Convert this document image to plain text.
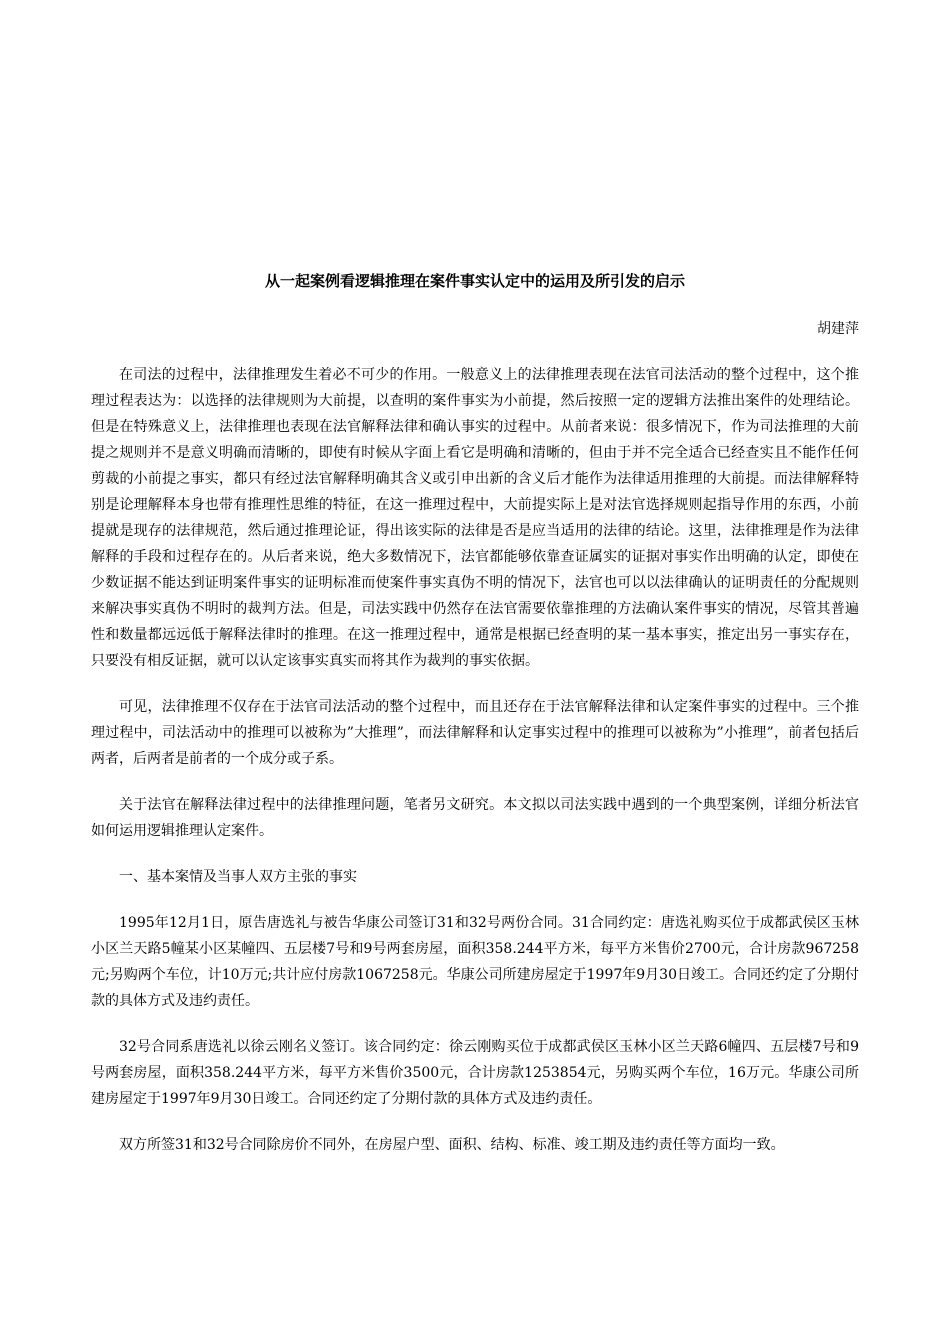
从一起案例看逻辑推理在案件事实认定中的运用及所引发的启示
胡建萍

在司法的过程中，法律推理发生着必不可少的作用。一般意义上的法律推理表现在法官司法活动的整个过程中，这个推理过程表达为：以选择的法律规则为大前提，以查明的案件事实为小前提，然后按照一定的逻辑方法推出案件的处理结论。但是在特殊意义上，法律推理也表现在法官解释法律和确认事实的过程中。从前者来说：很多情况下，作为司法推理的大前提之规则并不是意义明确而清晰的，即使有时候从字面上看它是明确和清晰的，但由于并不完全适合已经查实且不能作任何剪裁的小前提之事实，都只有经过法官解释明确其含义或引申出新的含义后才能作为法律适用推理的大前提。而法律解释特别是论理解释本身也带有推理性思维的特征，在这一推理过程中，大前提实际上是对法官选择规则起指导作用的东西，小前提就是现存的法律规范，然后通过推理论证，得出该实际的法律是否是应当适用的法律的结论。这里，法律推理是作为法律解释的手段和过程存在的。从后者来说，绝大多数情况下，法官都能够依靠查证属实的证据对事实作出明确的认定，即使在少数证据不能达到证明案件事实的证明标准而使案件事实真伪不明的情况下，法官也可以以法律确认的证明责任的分配规则来解决事实真伪不明时的裁判方法。但是，司法实践中仍然存在法官需要依靠推理的方法确认案件事实的情况，尽管其普遍性和数量都远远低于解释法律时的推理。在这一推理过程中，通常是根据已经查明的某一基本事实，推定出另一事实存在，只要没有相反证据，就可以认定该事实真实而将其作为裁判的事实依据。

可见，法律推理不仅存在于法官司法活动的整个过程中，而且还存在于法官解释法律和认定案件事实的过程中。三个推理过程中，司法活动中的推理可以被称为”大推理”，而法律解释和认定事实过程中的推理可以被称为”小推理”，前者包括后两者，后两者是前者的一个成分或子系。

关于法官在解释法律过程中的法律推理问题，笔者另文研究。本文拟以司法实践中遇到的一个典型案例，详细分析法官如何运用逻辑推理认定案件。

一、基本案情及当事人双方主张的事实

1995年12月1日，原告唐选礼与被告华康公司签订31和32号两份合同。31合同约定：唐选礼购买位于成都武侯区玉林小区兰天路5幢某小区某幢四、五层楼7号和9号两套房屋，面积358.244平方米，每平方米售价2700元，合计房款967258元;另购两个车位，计10万元;共计应付房款1067258元。华康公司所建房屋定于1997年9月30日竣工。合同还约定了分期付款的具体方式及违约责任。

32号合同系唐选礼以徐云刚名义签订。该合同约定：徐云刚购买位于成都武侯区玉林小区兰天路6幢四、五层楼7号和9号两套房屋，面积358.244平方米，每平方米售价3500元，合计房款1253854元，另购买两个车位，16万元。华康公司所建房屋定于1997年9月30日竣工。合同还约定了分期付款的具体方式及违约责任。

双方所签31和32号合同除房价不同外，在房屋户型、面积、结构、标准、竣工期及违约责任等方面均一致。
